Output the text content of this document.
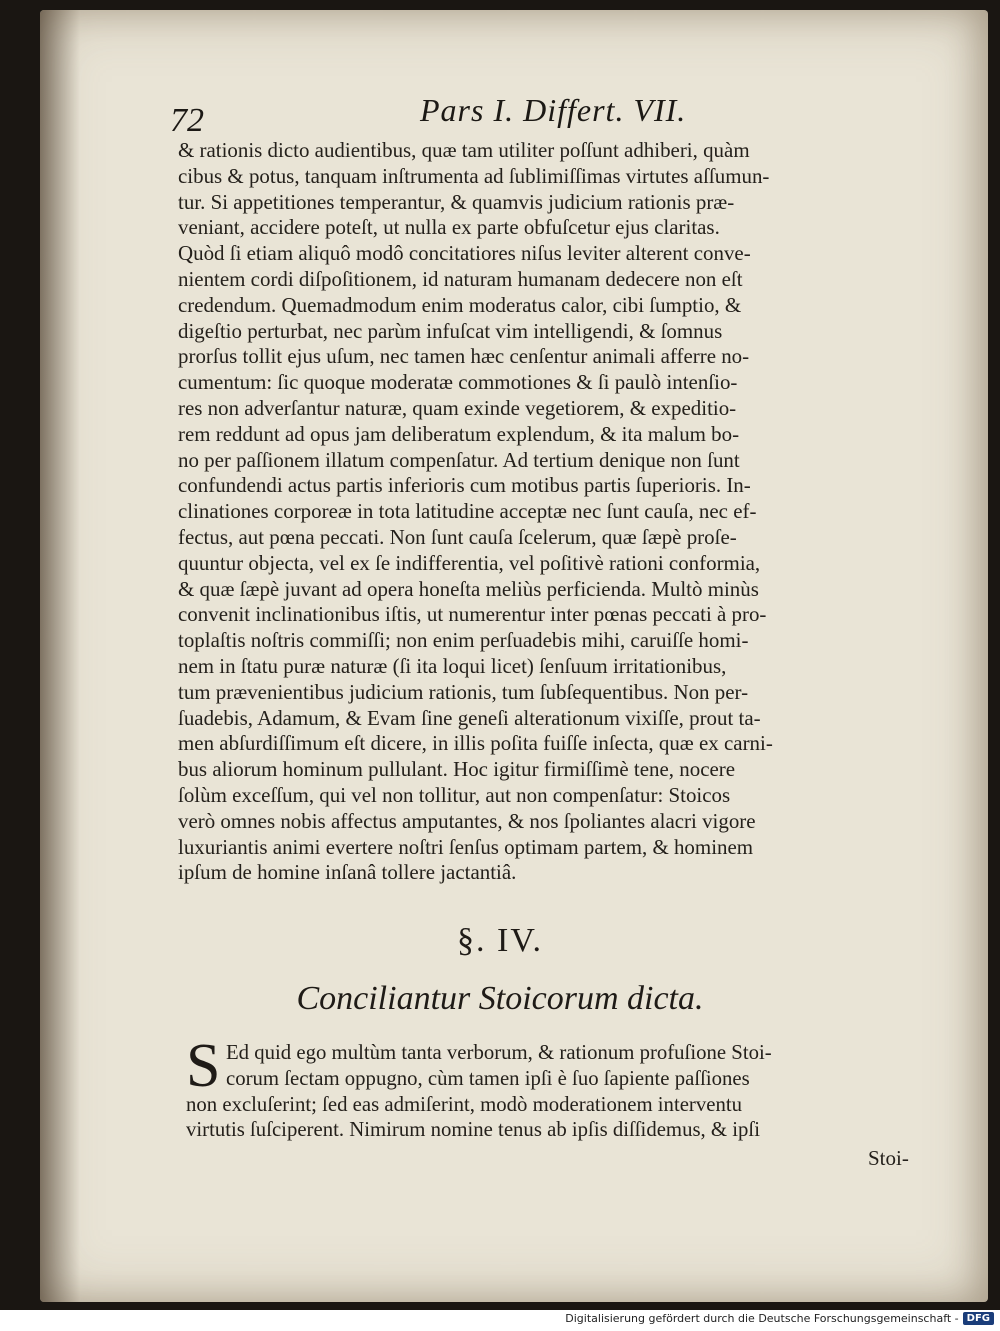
72	Pars I. Differt. VII.
& rationis dicto audientibus, quæ tam utiliter poſſunt adhiberi, quàm
cibus & potus, tanquam inſtrumenta ad ſublimiſſimas virtutes aſſumun-
tur. Si appetitiones temperantur, & quamvis judicium rationis præ-
veniant, accidere poteſt, ut nulla ex parte obfuſcetur ejus claritas.
Quòd ſi etiam aliquô modô concitatiores niſus leviter alterent conve-
nientem cordi diſpoſitionem, id naturam humanam dedecere non eſt
credendum. Quemadmodum enim moderatus calor, cibi ſumptio, &
digeſtio perturbat, nec parùm infuſcat vim intelligendi, & ſomnus
prorſus tollit ejus uſum, nec tamen hæc cenſentur animali afferre no-
cumentum: ſic quoque moderatæ commotiones & ſi paulò intenſio-
res non adverſantur naturæ, quam exinde vegetiorem, & expeditio-
rem reddunt ad opus jam deliberatum explendum, & ita malum bo-
no per paſſionem illatum compenſatur. Ad tertium denique non ſunt
confundendi actus partis inferioris cum motibus partis ſuperioris. In-
clinationes corporeæ in tota latitudine acceptæ nec ſunt cauſa, nec ef-
fectus, aut pœna peccati. Non ſunt cauſa ſcelerum, quæ ſæpè proſe-
quuntur objecta, vel ex ſe indifferentia, vel poſitivè rationi conformia,
& quæ ſæpè juvant ad opera honeſta meliùs perficienda. Multò minùs
convenit inclinationibus iſtis, ut numerentur inter pœnas peccati à pro-
toplaſtis noſtris commiſſi; non enim perſuadebis mihi, caruiſſe homi-
nem in ſtatu puræ naturæ (ſi ita loqui licet) ſenſuum irritationibus,
tum prævenientibus judicium rationis, tum ſubſequentibus. Non per-
ſuadebis, Adamum, & Evam ſine geneſi alterationum vixiſſe, prout ta-
men abſurdiſſimum eſt dicere, in illis poſita fuiſſe inſecta, quæ ex carni-
bus aliorum hominum pullulant. Hoc igitur firmiſſimè tene, nocere
ſolùm exceſſum, qui vel non tollitur, aut non compenſatur: Stoicos
verò omnes nobis affectus amputantes, & nos ſpoliantes alacri vigore
luxuriantis animi evertere noſtri ſenſus optimam partem, & hominem
ipſum de homine inſanâ tollere jactantiâ.
§. IV.
Conciliantur Stoicorum dicta.
S Ed quid ego multùm tanta verborum, & rationum profuſione Stoi-
corum ſectam oppugno, cùm tamen ipſi è ſuo ſapiente paſſiones
non excluſerint; ſed eas admiſerint, modò moderationem interventu
virtutis ſuſciperent. Nimirum nomine tenus ab ipſis diſſidemus, & ipſi
Stoi-
Digitalisierung gefördert durch die Deutsche Forschungsgemeinschaft - DFG
